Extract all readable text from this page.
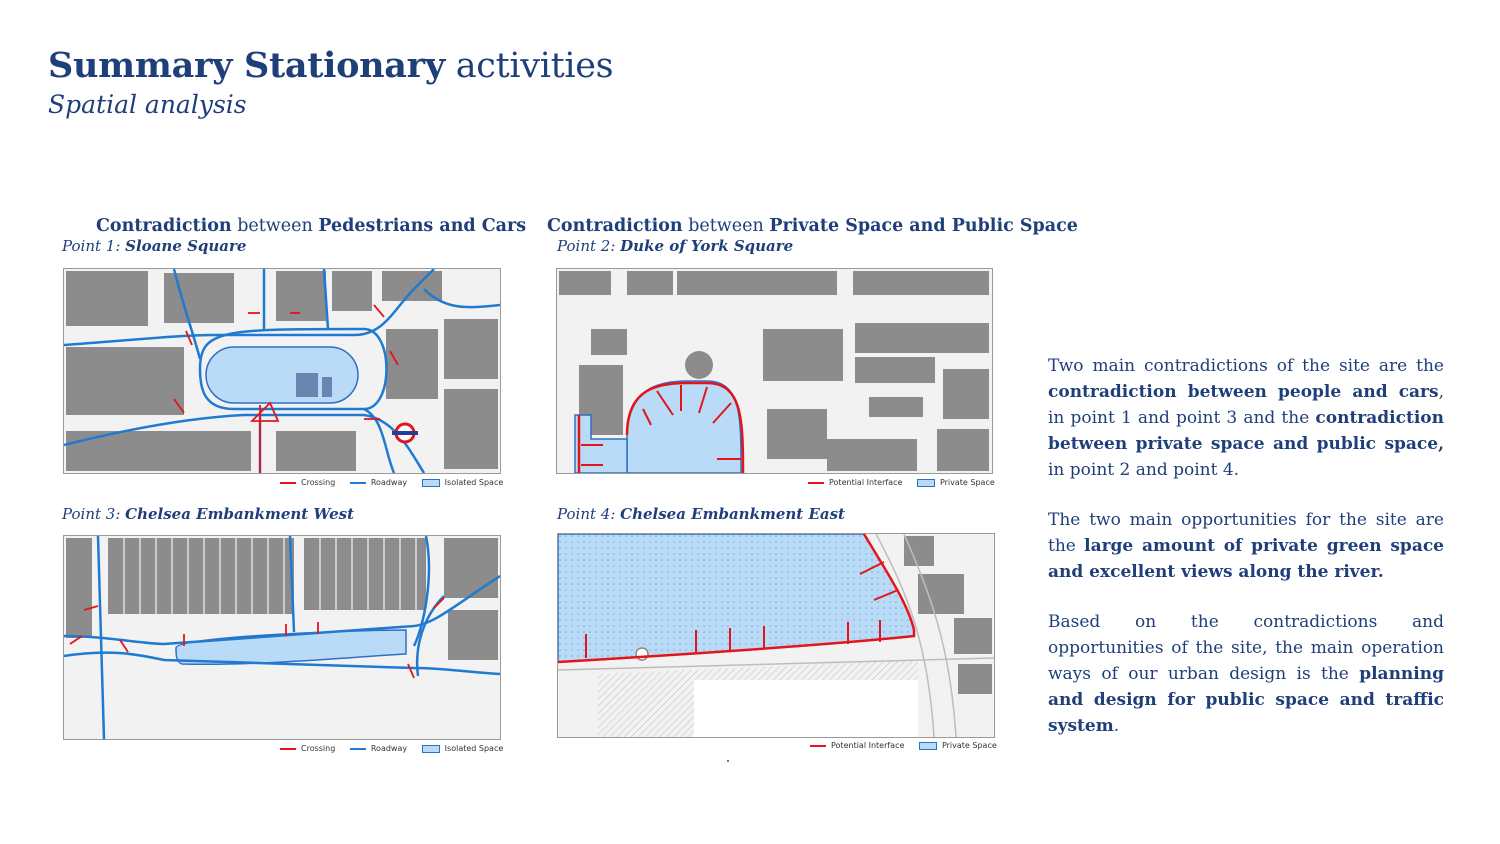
Summary Stationary activities
Spatial analysis
Contradiction between Pedestrians and Cars Contradiction between Private Space and Public Space
Point 1: Sloane Square	Point 2: Duke of York Square
Point 3: Chelsea Embankment West	Point 4: Chelsea Embankment East
Crossing	Roadway	Isolated Space	Potential Interface	Private Space
Crossing	Roadway	Isolated Space	Potential Interface	Private Space

Two main contradictions of the site are the contradiction between people and cars, in point 1 and point 3 and the contradiction between private space and public space, in point 2 and point 4.

The two main opportunities for the site are the large amount of private green space and excellent views along the river.

Based on the contradictions and opportunities of the site, the main operation ways of our urban design is the planning and design for public space and traffic system.
